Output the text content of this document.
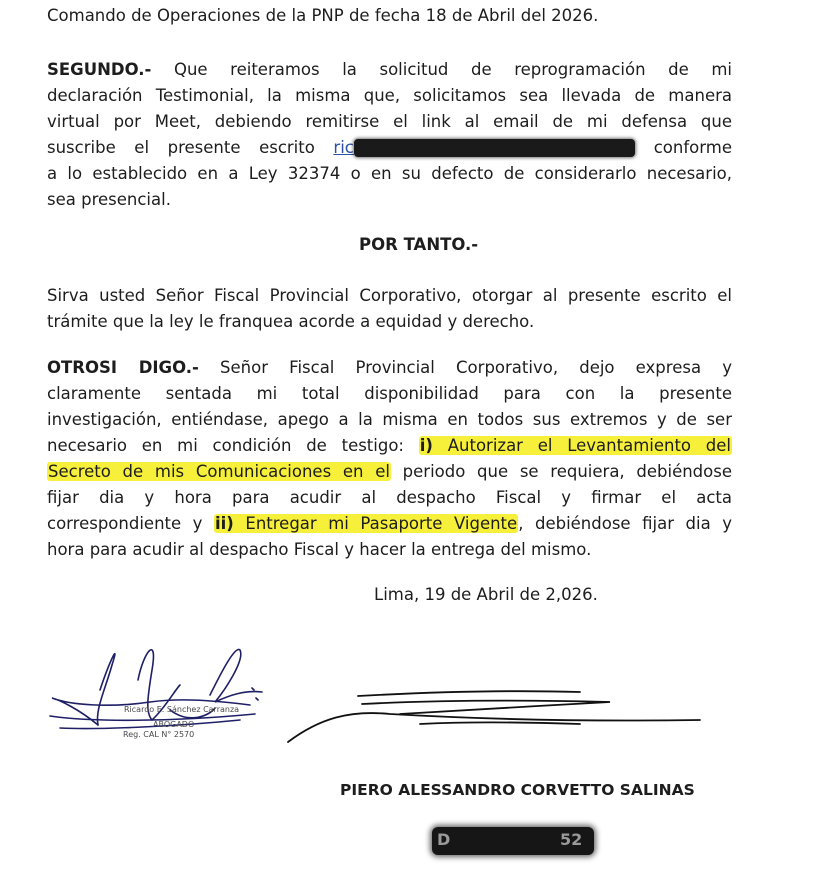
Comando de Operaciones de la PNP de fecha 18 de Abril del 2026.
SEGUNDO.- Que reiteramos la solicitud de reprogramación de mi
declaración Testimonial, la misma que, solicitamos sea llevada de manera
virtual por Meet, debiendo remitirse el link al email de mi defensa que
suscribe el presente escrito ricardosanchezcarranza@gmail.com conforme
a lo establecido en a Ley 32374 o en su defecto de considerarlo necesario,
sea presencial.
POR TANTO.-
Sirva usted Señor Fiscal Provincial Corporativo, otorgar al presente escrito el
trámite que la ley le franquea acorde a equidad y derecho.
OTROSI DIGO.- Señor Fiscal Provincial Corporativo, dejo expresa y
claramente sentada mi total disponibilidad para con la presente
investigación, entiéndase, apego a la misma en todos sus extremos y de ser
necesario en mi condición de testigo: i) Autorizar el Levantamiento del
Secreto de mis Comunicaciones en el periodo que se requiera, debiéndose
fijar dia y hora para acudir al despacho Fiscal y firmar el acta
correspondiente y ii) Entregar mi Pasaporte Vigente, debiéndose fijar dia y
hora para acudir al despacho Fiscal y hacer la entrega del mismo.
Lima, 19 de Abril de 2,026.
Ricardo E. Sánchez Carranza
ABOGADO
Reg. CAL N° 2570
PIERO ALESSANDRO CORVETTO SALINAS
D	52
